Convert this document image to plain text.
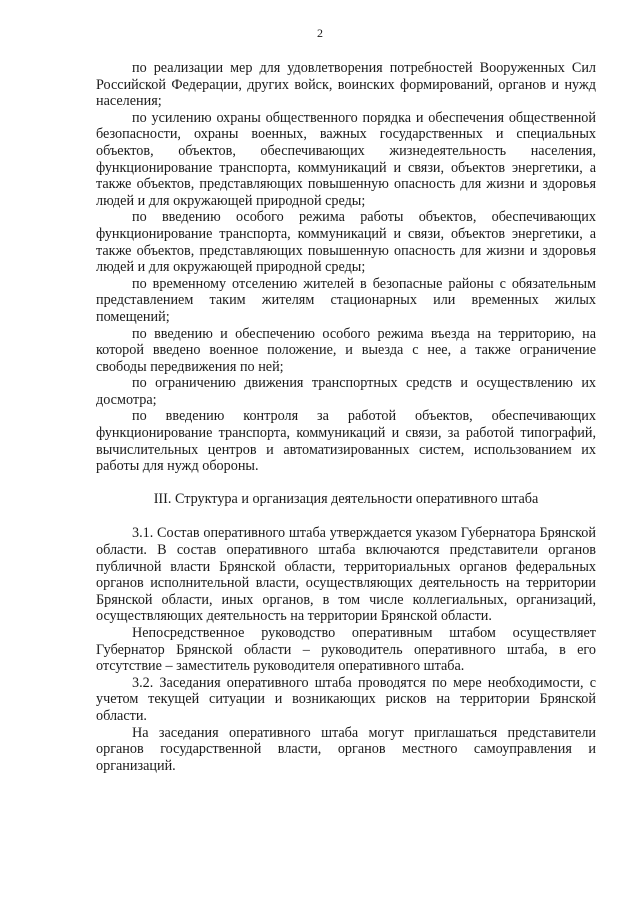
2

по реализации мер для удовлетворения потребностей Вооруженных Сил Российской Федерации, других войск, воинских формирований, органов и нужд населения;

по усилению охраны общественного порядка и обеспечения общественной безопасности, охраны военных, важных государственных и специальных объектов, объектов, обеспечивающих жизнедеятельность населения, функционирование транспорта, коммуникаций и связи, объектов энергетики, а также объектов, представляющих повышенную опасность для жизни и здоровья людей и для окружающей природной среды;

по введению особого режима работы объектов, обеспечивающих функционирование транспорта, коммуникаций и связи, объектов энергетики, а также объектов, представляющих повышенную опасность для жизни и здоровья людей и для окружающей природной среды;

по временному отселению жителей в безопасные районы с обязательным представлением таким жителям стационарных или временных жилых помещений;

по введению и обеспечению особого режима въезда на территорию, на которой введено военное положение, и выезда с нее, а также ограничение свободы передвижения по ней;

по ограничению движения транспортных средств и осуществлению их досмотра;

по введению контроля за работой объектов, обеспечивающих функционирование транспорта, коммуникаций и связи, за работой типографий, вычислительных центров и автоматизированных систем, использованием их работы для нужд обороны.

III. Структура и организация деятельности оперативного штаба

3.1. Состав оперативного штаба утверждается указом Губернатора Брянской области. В состав оперативного штаба включаются представители органов публичной власти Брянской области, территориальных органов федеральных органов исполнительной власти, осуществляющих деятельность на территории Брянской области, иных органов, в том числе коллегиальных, организаций, осуществляющих деятельность на территории Брянской области.

Непосредственное руководство оперативным штабом осуществляет Губернатор Брянской области – руководитель оперативного штаба, в его отсутствие – заместитель руководителя оперативного штаба.

3.2. Заседания оперативного штаба проводятся по мере необходимости, с учетом текущей ситуации и возникающих рисков на территории Брянской области.

На заседания оперативного штаба могут приглашаться представители органов государственной власти, органов местного самоуправления и организаций.
